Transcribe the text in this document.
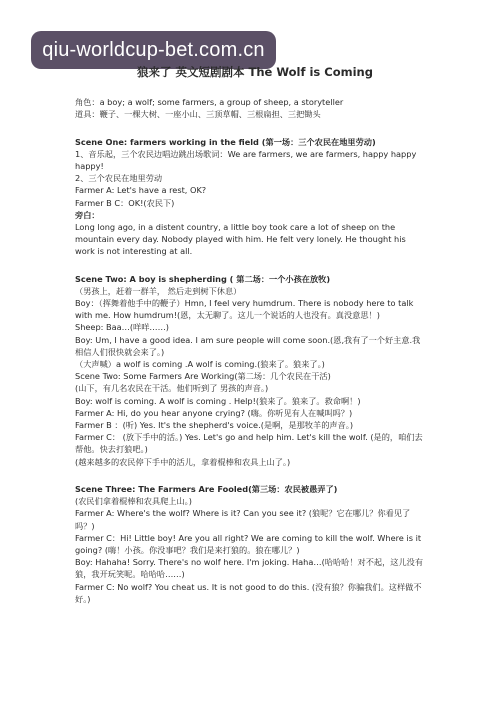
qiu-worldcup-bet.com.cn

狼来了 英文短剧剧本 The Wolf is Coming

角色：a boy; a wolf; some farmers, a group of sheep, a storyteller

道具：鞭子、一棵大树、一座小山、三顶草帽、三根扁担、三把锄头

Scene One: farmers working in the field (第一场：三个农民在地里劳动)

1、音乐起，三个农民边唱边跳出场歌词：We are farmers, we are farmers, happy happy happy!

2、三个农民在地里劳动

Farmer A: Let's have a rest, OK?

Farmer B C：OK!(农民下)

旁白：

Long long ago, in a distent country, a little boy took care a lot of sheep on the mountain every day. Nobody played with him. He felt very lonely. He thought his work is not interesting at all.

Scene Two: A boy is shepherding ( 第二场：一个小孩在放牧)

（男孩上，赶着一群羊， 然后走到树下休息）

Boy：（挥舞着他手中的鞭子）Hmn, I feel very humdrum. There is nobody here to talk with me. How humdrum!(恩，太无聊了。这儿一个说话的人也没有。真没意思！)

Sheep: Baa…(咩咩……)

Boy: Um, I have a good idea. I am sure people will come soon.(恩,我有了一个好主意.我相信人们很快就会来了。)

（大声喊）a wolf is coming .A wolf is coming.(狼来了。狼来了。)

Scene Two: Some Farmers Are Working(第二场：几个农民在干活)

(山下，有几名农民在干活。他们听到了 男孩的声音。)

Boy: wolf is coming. A wolf is coming . Help!(狼来了。狼来了。救命啊！)

Farmer A: Hi, do you hear anyone crying? (嗨。你听见有人在喊叫吗？)

Farmer B ：(听) Yes. It's the shepherd's voice.(是啊，是那牧羊的声音。)

Farmer C： (放下手中的活。) Yes. Let's go and help him. Let's kill the wolf. (是的，咱们去帮他。快去打狼吧。)

(越来越多的农民停下手中的活儿，拿着棍棒和农具上山了。)

Scene Three: The Farmers Are Fooled(第三场：农民被愚弄了)

(农民们拿着棍棒和农具爬上山。)

Farmer A: Where's the wolf? Where is it? Can you see it? (狼呢？它在哪儿？你看见了吗？)

Farmer C：Hi! Little boy! Are you all right? We are coming to kill the wolf. Where is it going? (嗨！小孩。你没事吧？我们是来打狼的。狼在哪儿？)

Boy: Hahaha! Sorry. There's no wolf here. I'm joking. Haha…(哈哈哈！对不起，这儿没有狼，我开玩笑呢。哈哈哈……)

Farmer C: No wolf? You cheat us. It is not good to do this. (没有狼？你骗我们。这样做不好。)
